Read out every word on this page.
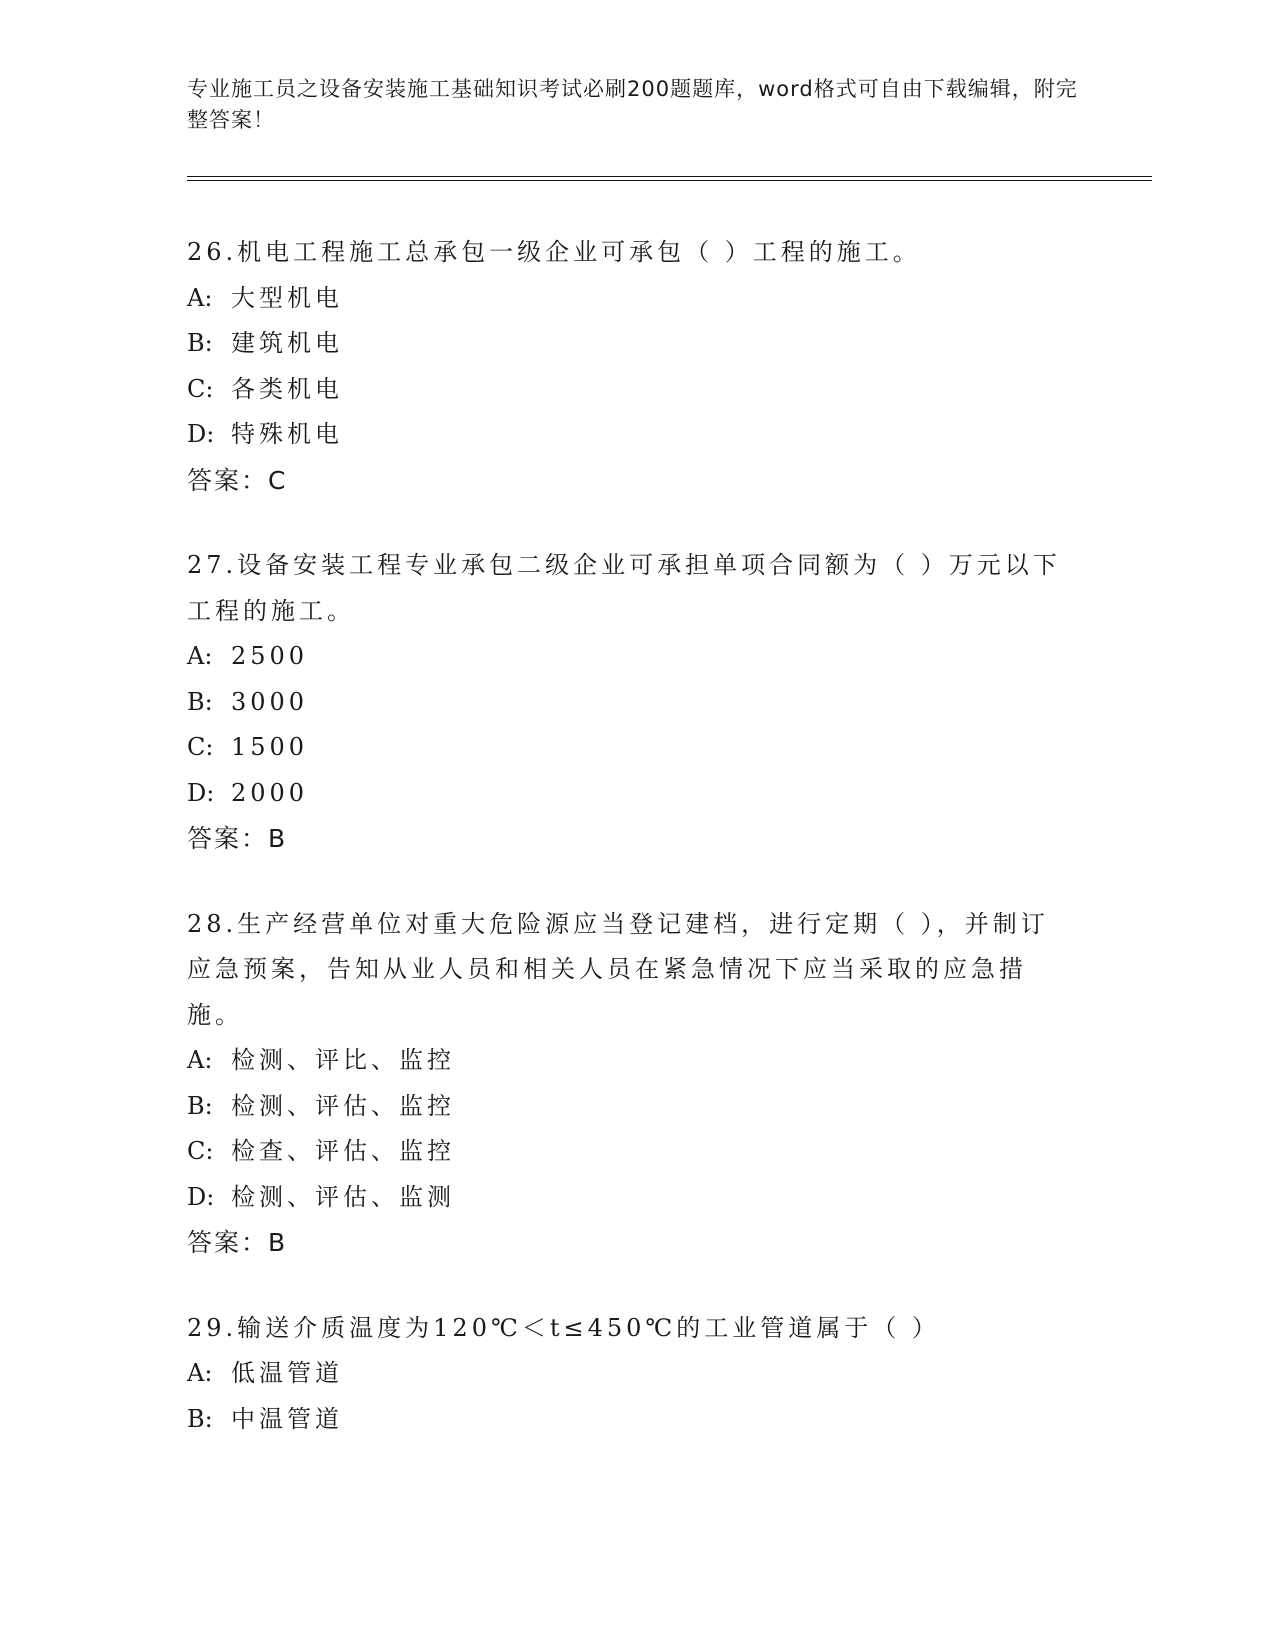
专业施工员之设备安装施工基础知识考试必刷200题题库，word格式可自由下载编辑，附完整答案！
26.机电工程施工总承包一级企业可承包（ ）工程的施工。
A: 大型机电
B: 建筑机电
C: 各类机电
D: 特殊机电
答案：C
27.设备安装工程专业承包二级企业可承担单项合同额为（ ）万元以下工程的施工。
A: 2500
B: 3000
C: 1500
D: 2000
答案：B
28.生产经营单位对重大危险源应当登记建档，进行定期（ ），并制订应急预案，告知从业人员和相关人员在紧急情况下应当采取的应急措施。
A: 检测、评比、监控
B: 检测、评估、监控
C: 检查、评估、监控
D: 检测、评估、监测
答案：B
29.输送介质温度为120℃＜t≤450℃的工业管道属于（ ）
A: 低温管道
B: 中温管道
